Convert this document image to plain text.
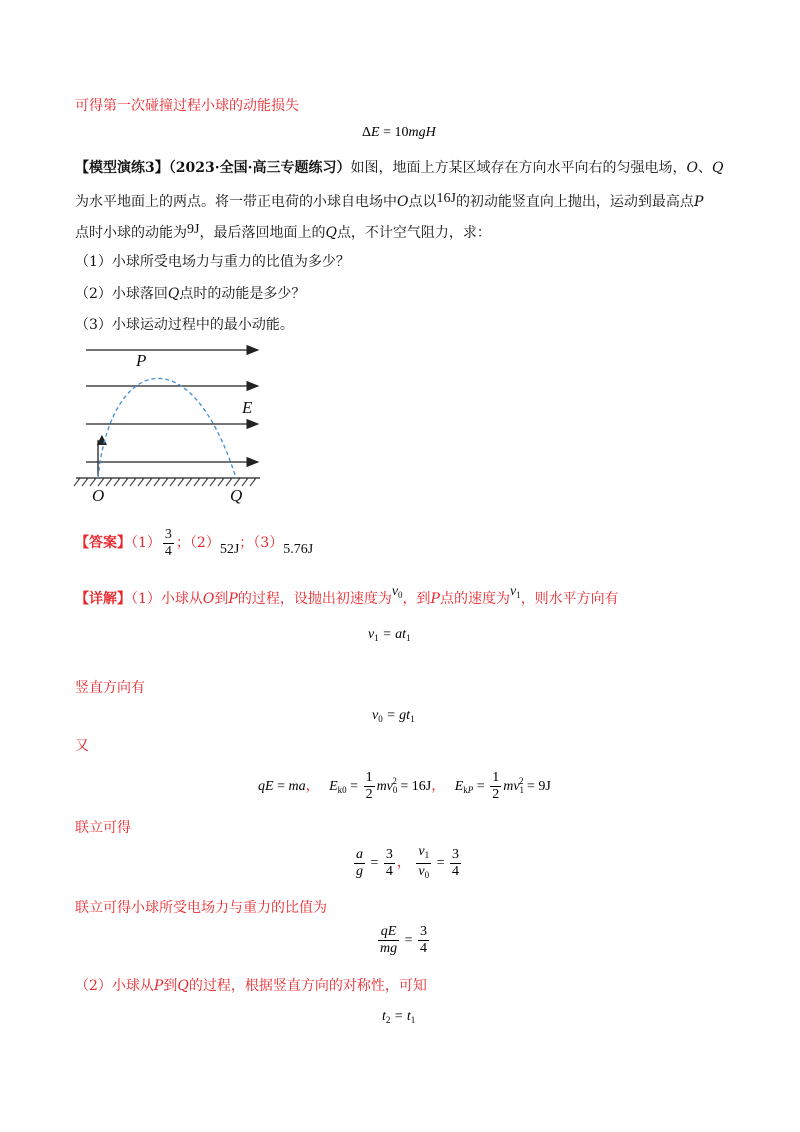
可得第一次碰撞过程小球的动能损失
ΔE = 10mgH
【模型演练3】（2023·全国·高三专题练习）如图，地面上方某区域存在方向水平向右的匀强电场，O、Q
为水平地面上的两点。将一带正电荷的小球自电场中O点以16J的初动能竖直向上抛出，运动到最高点P
点时小球的动能为9J，最后落回地面上的Q点，不计空气阻力，求：
（1）小球所受电场力与重力的比值为多少？
（2）小球落回Q点时的动能是多少？
（3）小球运动过程中的最小动能。
P
E
O	Q
【答案】$(1) \frac{3}{4}$ ；（2）52J；（3）5.76J
【详解】（1）小球从O到P的过程，设抛出初速度为$v_0$，到P点的速度为$v_1$，则水平方向有
$v_1 = at_1$
竖直方向有
$v_0 = gt_1$
又
qE = ma， $E_{k0} = \frac{1}{2} mv_0^2 = 16J$， $E_{kP} = \frac{1}{2} mv_1^2 = 9J$
联立可得
$\frac{a}{g} = \frac{3}{4}$ ， $\frac{v_1}{v_0} = \frac{3}{4}$
联立可得小球所受电场力与重力的比值为
$\frac{qE}{mg} = \frac{3}{4}$
（2）小球从P到Q的过程，根据竖直方向的对称性，可知
$t_2 = t_1$
